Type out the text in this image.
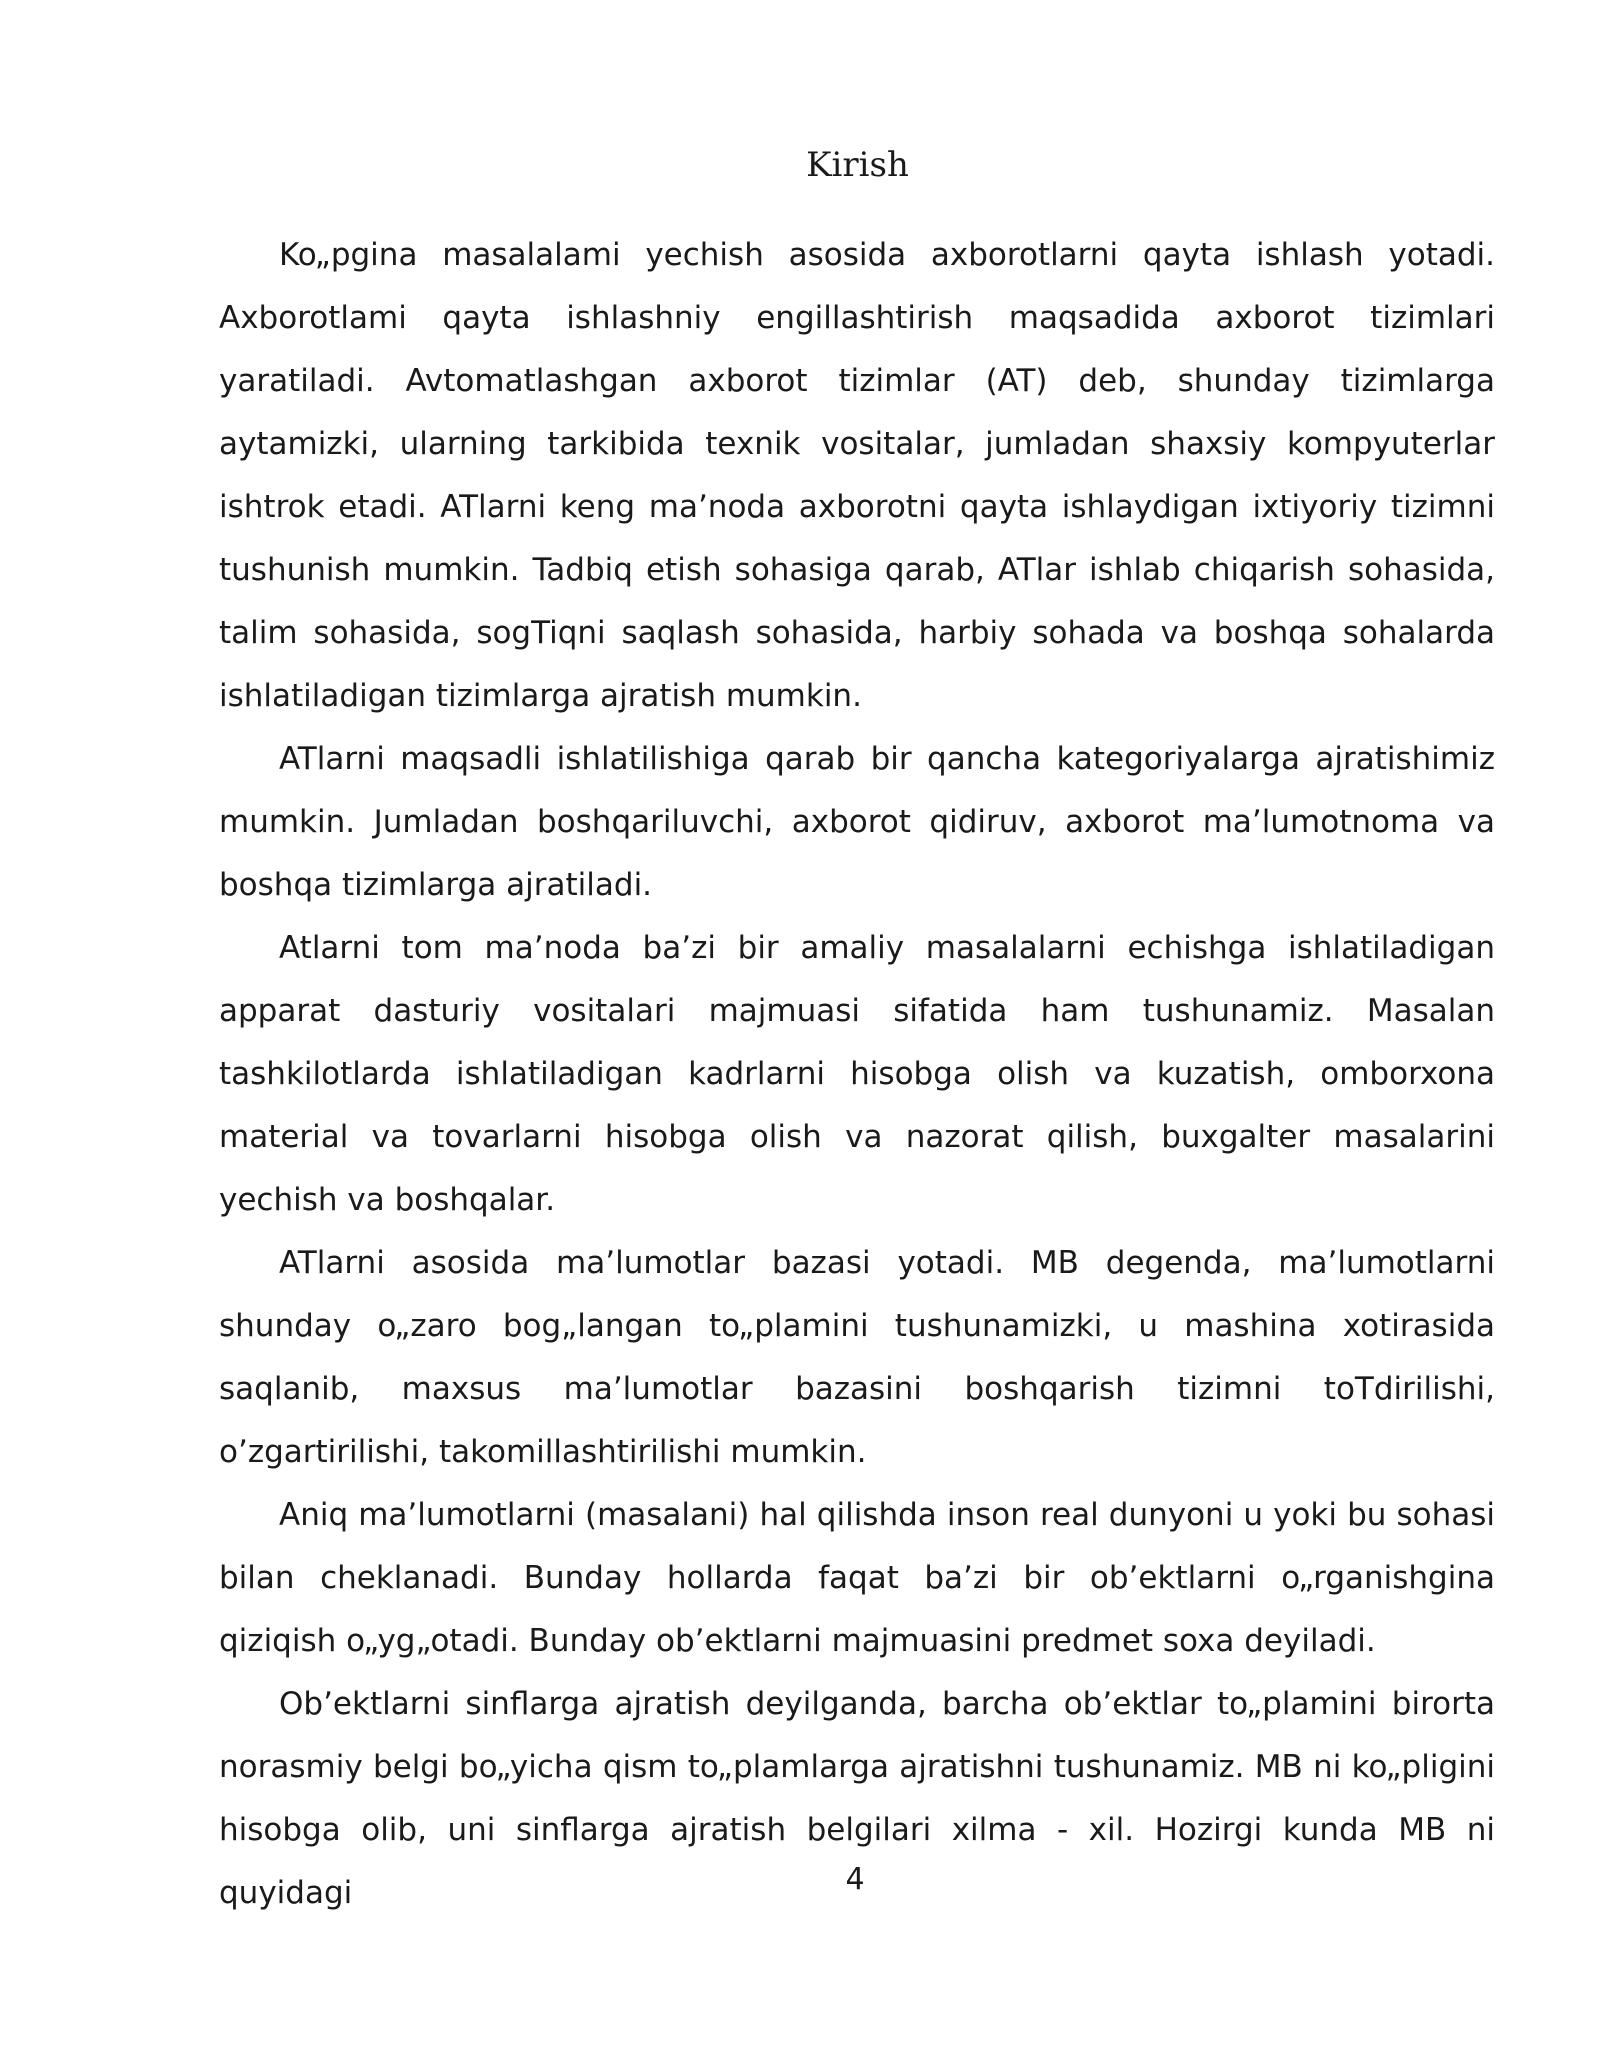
Kirish

Ko„pgina masalalami yechish asosida axborotlarni qayta ishlash yotadi. Axborotlami qayta ishlashniy engillashtirish maqsadida axborot tizimlari yaratiladi. Avtomatlashgan axborot tizimlar (AT) deb, shunday tizimlarga aytamizki, ularning tarkibida texnik vositalar, jumladan shaxsiy kompyuterlar ishtrok etadi. ATlarni keng ma’noda axborotni qayta ishlaydigan ixtiyoriy tizimni tushunish mumkin. Tadbiq etish sohasiga qarab, ATlar ishlab chiqarish sohasida, talim sohasida, sogTiqni saqlash sohasida, harbiy sohada va boshqa sohalarda ishlatiladigan tizimlarga ajratish mumkin.

ATlarni maqsadli ishlatilishiga qarab bir qancha kategoriyalarga ajratishimiz mumkin. Jumladan boshqariluvchi, axborot qidiruv, axborot ma’lumotnoma va boshqa tizimlarga ajratiladi.

Atlarni tom ma’noda ba’zi bir amaliy masalalarni echishga ishlatiladigan apparat dasturiy vositalari majmuasi sifatida ham tushunamiz. Masalan tashkilotlarda ishlatiladigan kadrlarni hisobga olish va kuzatish, omborxona material va tovarlarni hisobga olish va nazorat qilish, buxgalter masalarini yechish va boshqalar.

ATlarni asosida ma’lumotlar bazasi yotadi. MB degenda, ma’lumotlarni shunday o„zaro bog„langan to„plamini tushunamizki, u mashina xotirasida saqlanib, maxsus ma’lumotlar bazasini boshqarish tizimni toTdirilishi, o’zgartirilishi, takomillashtirilishi mumkin.

Aniq ma’lumotlarni (masalani) hal qilishda inson real dunyoni u yoki bu sohasi bilan cheklanadi. Bunday hollarda faqat ba’zi bir ob’ektlarni o„rganishgina qiziqish o„yg„otadi. Bunday ob’ektlarni majmuasini predmet soxa deyiladi.

Ob’ektlarni sinflarga ajratish deyilganda, barcha ob’ektlar to„plamini birorta norasmiy belgi bo„yicha qism to„plamlarga ajratishni tushunamiz. MB ni ko„pligini hisobga olib, uni sinflarga ajratish belgilari xilma - xil. Hozirgi kunda MB ni quyidagi	4
